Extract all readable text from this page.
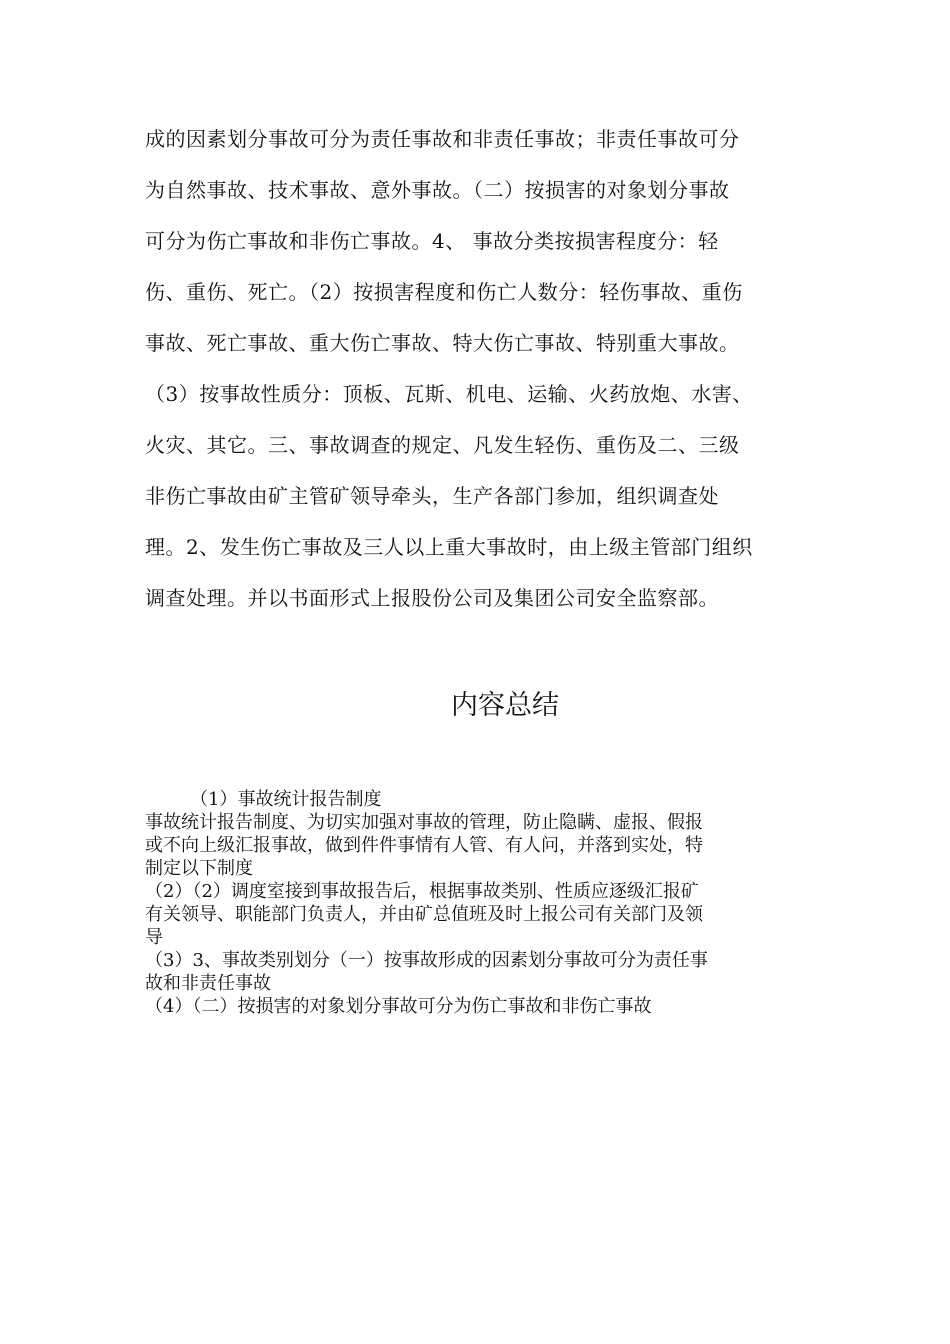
成的因素划分事故可分为责任事故和非责任事故；非责任事故可分
为自然事故、技术事故、意外事故。（二）按损害的对象划分事故
可分为伤亡事故和非伤亡事故。4、 事故分类按损害程度分：轻
伤、重伤、死亡。（2）按损害程度和伤亡人数分：轻伤事故、重伤
事故、死亡事故、重大伤亡事故、特大伤亡事故、特别重大事故。
（3）按事故性质分：顶板、瓦斯、机电、运输、火药放炮、水害、
火灾、其它。三、事故调查的规定、凡发生轻伤、重伤及二、三级
非伤亡事故由矿主管矿领导牵头，生产各部门参加，组织调查处
理。2、发生伤亡事故及三人以上重大事故时，由上级主管部门组织
调查处理。并以书面形式上报股份公司及集团公司安全监察部。
内容总结
（1）事故统计报告制度
事故统计报告制度、为切实加强对事故的管理，防止隐瞒、虚报、假报
或不向上级汇报事故，做到件件事情有人管、有人问，并落到实处，特
制定以下制度
（2）（2）调度室接到事故报告后，根据事故类别、性质应逐级汇报矿
有关领导、职能部门负责人，并由矿总值班及时上报公司有关部门及领
导
（3）3、事故类别划分（一）按事故形成的因素划分事故可分为责任事
故和非责任事故
（4）（二）按损害的对象划分事故可分为伤亡事故和非伤亡事故
